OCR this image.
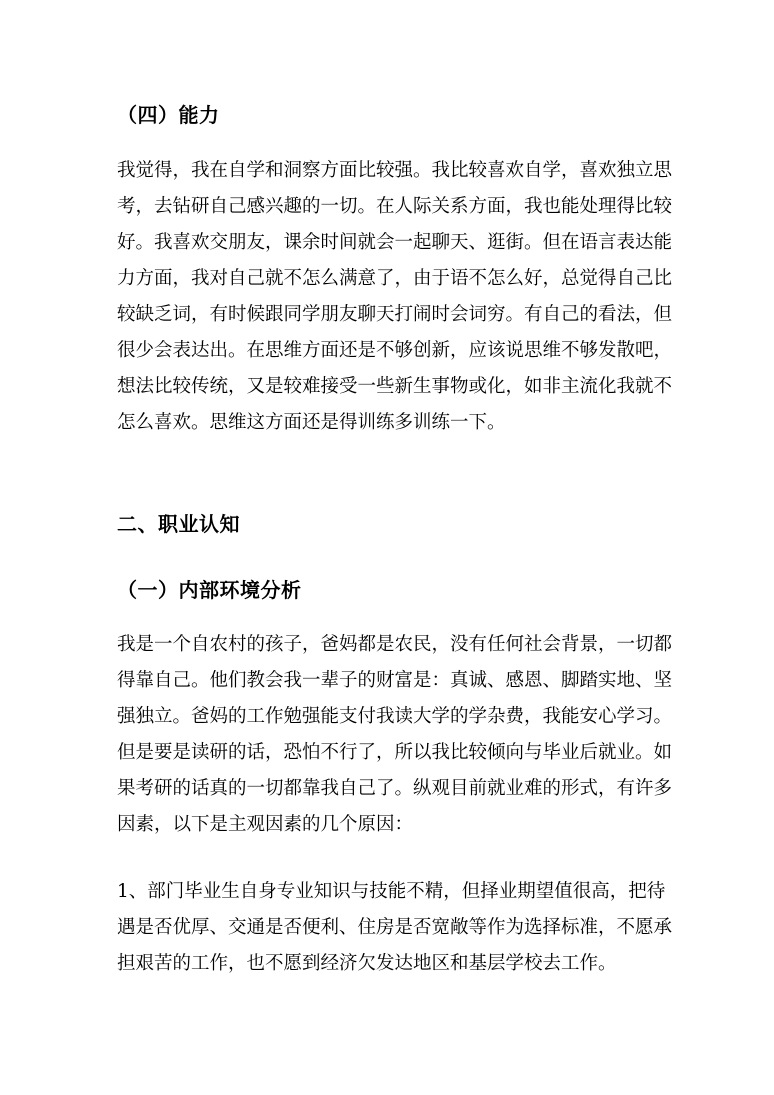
（四）能力
我觉得，我在自学和洞察方面比较强。我比较喜欢自学，喜欢独立思
考，去钻研自己感兴趣的一切。在人际关系方面，我也能处理得比较
好。我喜欢交朋友，课余时间就会一起聊天、逛街。但在语言表达能
力方面，我对自己就不怎么满意了，由于语不怎么好，总觉得自己比
较缺乏词，有时候跟同学朋友聊天打闹时会词穷。有自己的看法，但
很少会表达出。在思维方面还是不够创新，应该说思维不够发散吧，
想法比较传统，又是较难接受一些新生事物或化，如非主流化我就不
怎么喜欢。思维这方面还是得训练多训练一下。
二、职业认知
（一）内部环境分析
我是一个自农村的孩子，爸妈都是农民，没有任何社会背景，一切都
得靠自己。他们教会我一辈子的财富是：真诚、感恩、脚踏实地、坚
强独立。爸妈的工作勉强能支付我读大学的学杂费，我能安心学习。
但是要是读研的话，恐怕不行了，所以我比较倾向与毕业后就业。如
果考研的话真的一切都靠我自己了。纵观目前就业难的形式，有许多
因素，以下是主观因素的几个原因：
1、部门毕业生自身专业知识与技能不精，但择业期望值很高，把待
遇是否优厚、交通是否便利、住房是否宽敞等作为选择标准，不愿承
担艰苦的工作，也不愿到经济欠发达地区和基层学校去工作。
